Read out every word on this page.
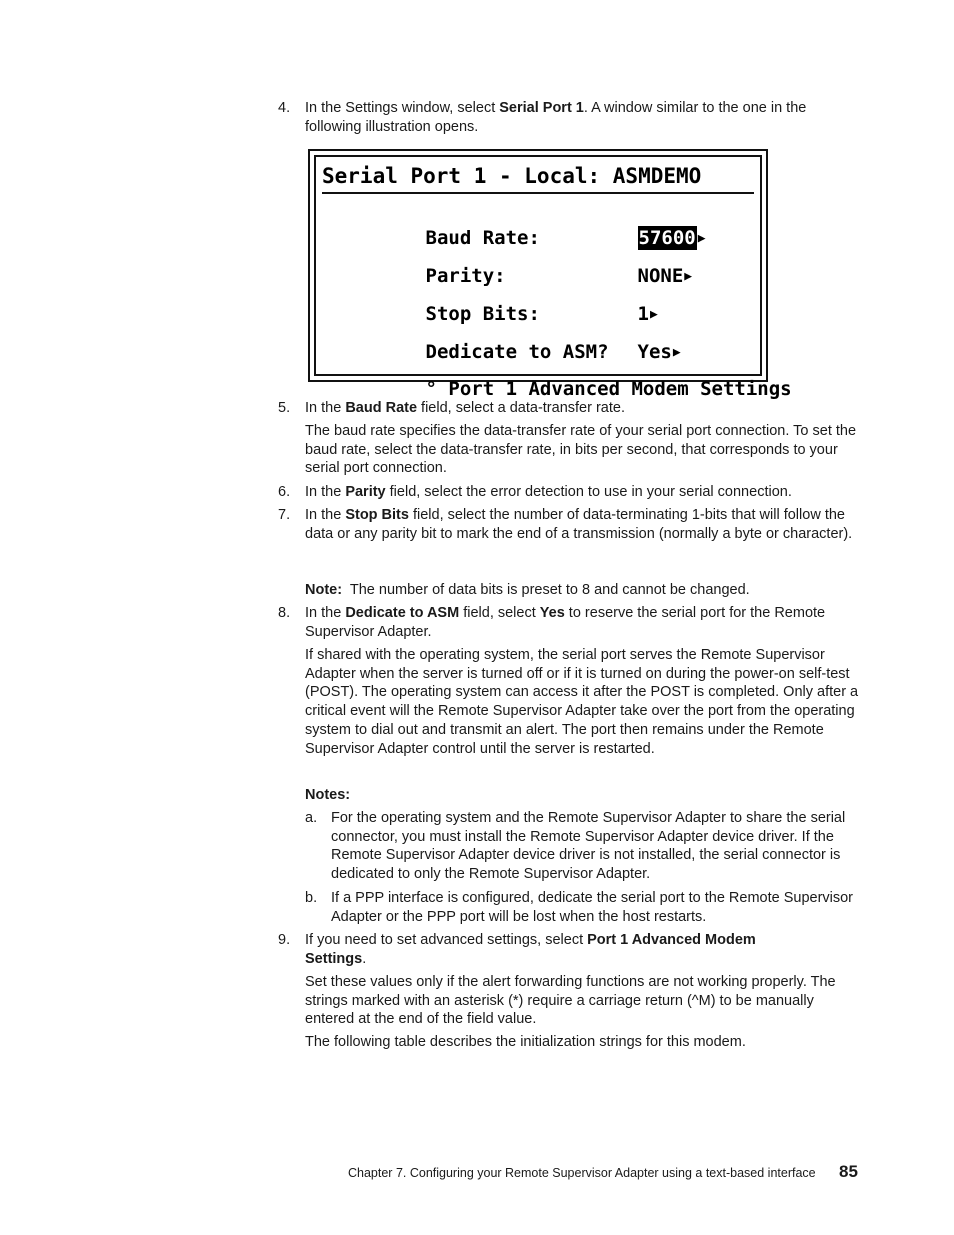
4. In the Settings window, select Serial Port 1. A window similar to the one in the following illustration opens.
Serial Port 1 - Local: ASMDEMO

Baud Rate:	57600 ▶

Parity:	NONE▶

Stop Bits:	1▶

Dedicate to ASM? Yes▶

° Port 1 Advanced Modem Settings

5. In the Baud Rate field, select a data-transfer rate.
The baud rate specifies the data-transfer rate of your serial port connection. To set the baud rate, select the data-transfer rate, in bits per second, that corresponds to your serial port connection.
6. In the Parity field, select the error detection to use in your serial connection.
7. In the Stop Bits field, select the number of data-terminating 1-bits that will follow the data or any parity bit to mark the end of a transmission (normally a byte or character).
Note: The number of data bits is preset to 8 and cannot be changed.
8. In the Dedicate to ASM field, select Yes to reserve the serial port for the Remote Supervisor Adapter.
If shared with the operating system, the serial port serves the Remote Supervisor Adapter when the server is turned off or if it is turned on during the power-on self-test (POST). The operating system can access it after the POST is completed. Only after a critical event will the Remote Supervisor Adapter take over the port from the operating system to dial out and transmit an alert. The port then remains under the Remote Supervisor Adapter control until the server is restarted.
Notes:
a. For the operating system and the Remote Supervisor Adapter to share the serial connector, you must install the Remote Supervisor Adapter device driver. If the Remote Supervisor Adapter device driver is not installed, the serial connector is dedicated to only the Remote Supervisor Adapter.
b. If a PPP interface is configured, dedicate the serial port to the Remote Supervisor Adapter or the PPP port will be lost when the host restarts.
9. If you need to set advanced settings, select Port 1 Advanced Modem Settings.
Set these values only if the alert forwarding functions are not working properly. The strings marked with an asterisk (*) require a carriage return (^M) to be manually entered at the end of the field value.
The following table describes the initialization strings for this modem.
Chapter 7. Configuring your Remote Supervisor Adapter using a text-based interface 85
